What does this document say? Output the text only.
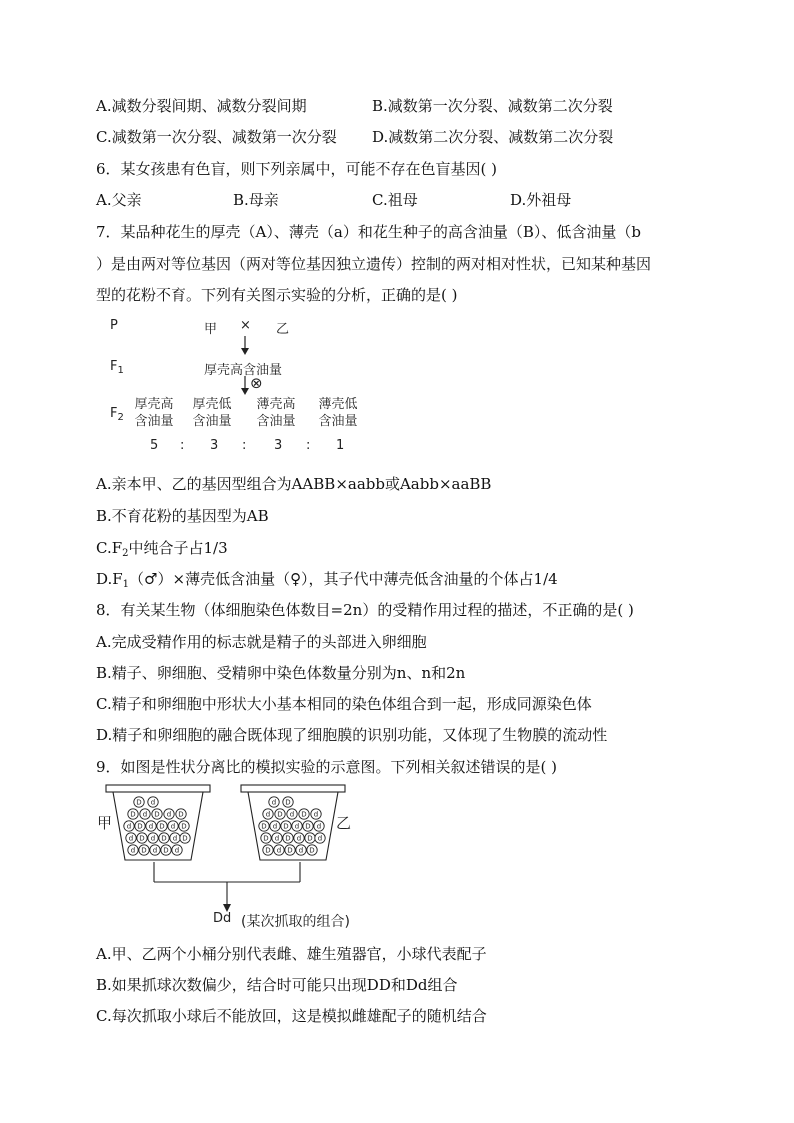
A.减数分裂间期、减数分裂间期	B.减数第一次分裂、减数第二次分裂
C.减数第一次分裂、减数第一次分裂 D.减数第二次分裂、减数第二次分裂
6．某女孩患有色盲，则下列亲属中，可能不存在色盲基因( )
A.父亲	B.母亲	C.祖母	D.外祖母
7．某品种花生的厚壳（A）、薄壳（a）和花生种子的高含油量（B）、低含油量（b
）是由两对等位基因（两对等位基因独立遗传）控制的两对相对性状，已知某种基因
型的花粉不育。下列有关图示实验的分析，正确的是( )
P	甲 × 乙
$F_1$	厚壳高含油量
⊗
$F_2$
厚壳高
含油量
厚壳低
含油量
薄壳高
含油量
薄壳低
含油量
5 : 3 : 3 : 1
A.亲本甲、乙的基因型组合为AABB×aabb或Aabb×aaBB
B.不育花粉的基因型为AB
$C.F_2$中纯合子占1/3
$D.F_1(♂)\times$薄壳低含油量（♀），其子代中薄壳低含油量的个体占1/4
8．有关某生物（体细胞染色体数目=2n）的受精作用过程的描述，不正确的是( )
A.完成受精作用的标志就是精子的头部进入卵细胞
B.精子、卵细胞、受精卵中染色体数量分别为n、n和2n
C.精子和卵细胞中形状大小基本相同的染色体组合到一起，形成同源染色体
D.精子和卵细胞的融合既体现了细胞膜的识别功能，又体现了生物膜的流动性
9．如图是性状分离比的模拟实验的示意图。下列相关叙述错误的是( )
甲	乙
D d
D d D d D
d D d D d D
d D d D d D
d D d D d
d D
d D d D d
D d D d D d
D d D d D d
D d D d D
Dd (某次抓取的组合)
A.甲、乙两个小桶分别代表雌、雄生殖器官，小球代表配子
B.如果抓球次数偏少，结合时可能只出现DD和Dd组合
C.每次抓取小球后不能放回，这是模拟雌雄配子的随机结合
